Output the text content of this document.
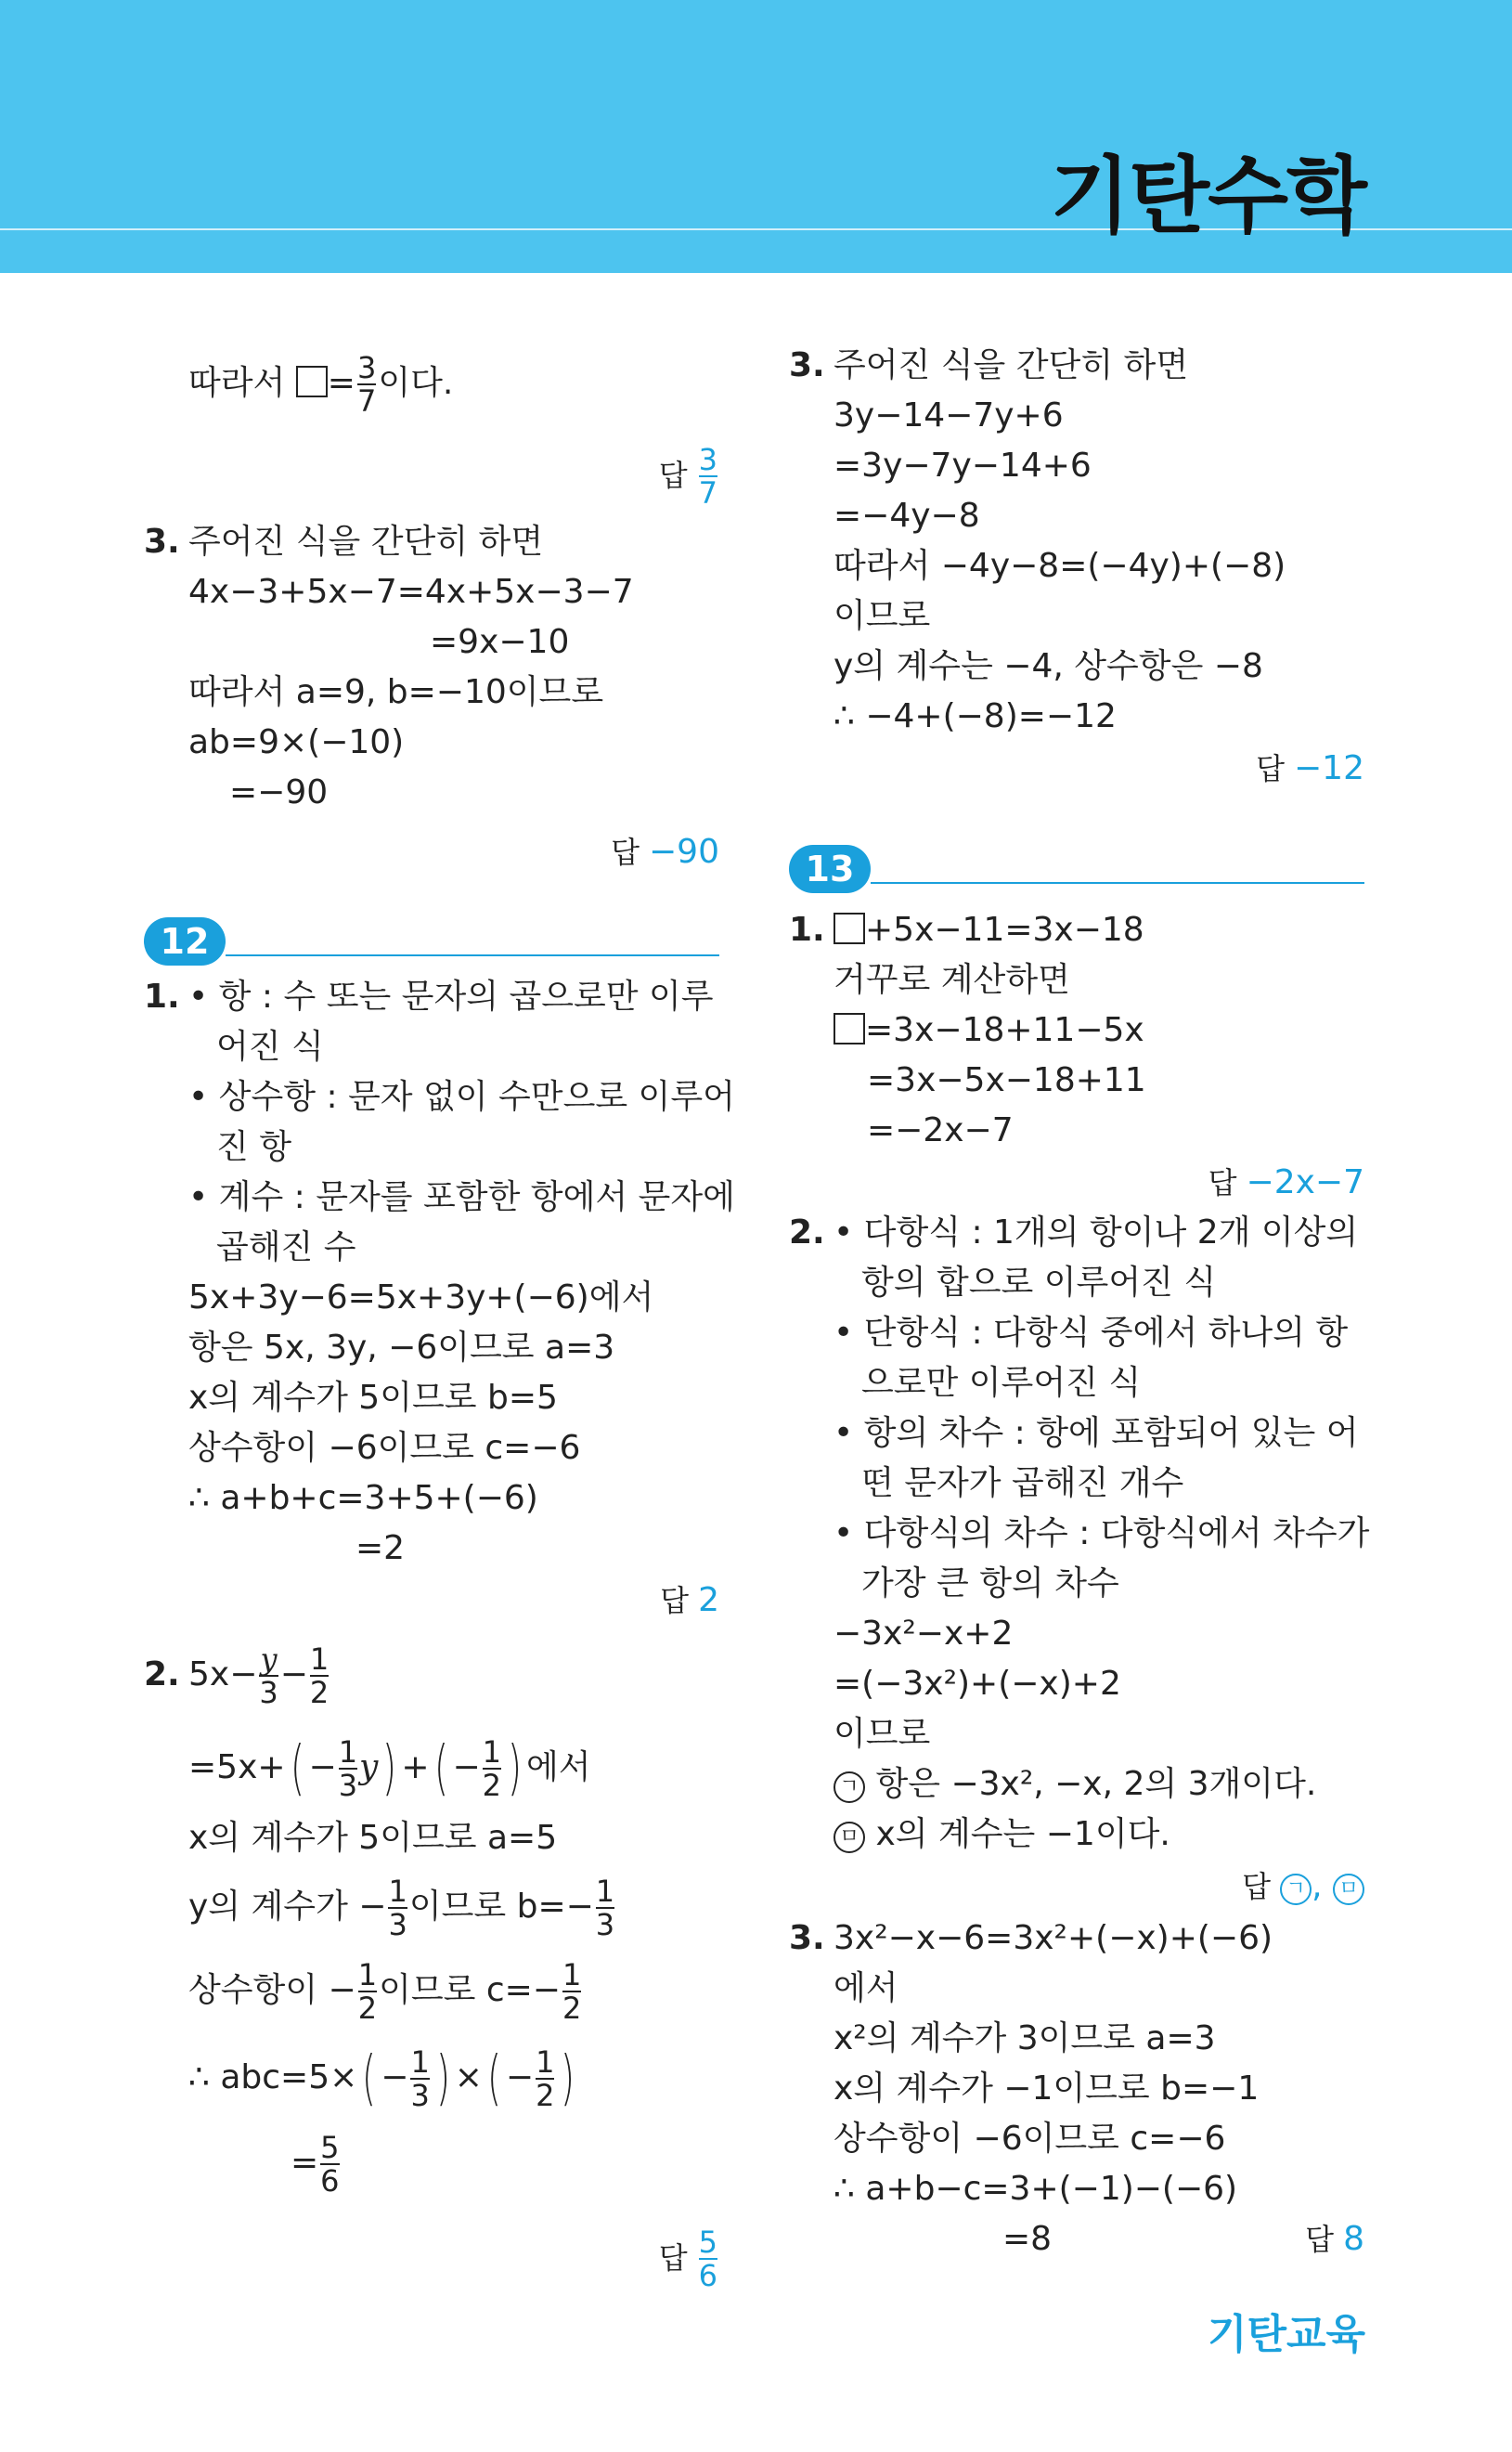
기탄수학
따라서 = $\frac{3}{7}$ 이다.
답 $\frac{3}{7}$
3. 주어진 식을 간단히 하면
4x−3+5x−7=4x+5x−3−7
=9x−10
따라서 a=9, b=−10이므로
ab=9×(−10)
=−90
답 −90
12
1. • 항 : 수 또는 문자의 곱으로만 이루
어진 식
• 상수항 : 문자 없이 수만으로 이루어
진 항
• 계수 : 문자를 포함한 항에서 문자에
곱해진 수
5x+3y−6=5x+3y+(−6)에서
항은 5x, 3y, −6이므로 a=3
x의 계수가 5이므로 b=5
상수항이 −6이므로 c=−6
∴ a+b+c=3+5+(−6)
=2
답 2
2. $5x- \frac{y}{3} - \frac{1}{2}$
$=5x+( - \frac{1}{3} y)$ +( − $\frac{1}{2}$ ) 에서
x의 계수가 5이므로 a=5
y의 계수가 − $\frac{1}{3}$ 이므로 $b=- \frac{1}{3}$
상수항이 − $\frac{1}{2}$ 이므로 $c=- \frac{1}{2}$
∴ $abc=5\times( - \frac{1}{3}$ ) ×( − $\frac{1}{2}$ )
= $\frac{5}{6}$
답 $\frac{5}{6}$
3. 주어진 식을 간단히 하면
3y−14−7y+6
=3y−7y−14+6
=−4y−8
따라서 −4y−8=(−4y)+(−8)
이므로
y의 계수는 −4, 상수항은 −8
∴ −4+(−8)=−12
답 −12
13
1.	+5x−11=3x−18
거꾸로 계산하면
=3x−18+11−5x
=3x−5x−18+11
=−2x−7
답 −2x−7
2. • 다항식 : 1개의 항이나 2개 이상의
항의 합으로 이루어진 식
• 단항식 : 다항식 중에서 하나의 항
으로만 이루어진 식
• 항의 차수 : 항에 포함되어 있는 어
떤 문자가 곱해진 개수
• 다항식의 차수 : 다항식에서 차수가
가장 큰 항의 차수
−3x²−x+2
=(−3x²)+(−x)+2
이므로
ㄱ 항은 −3x², −x, 2의 3개이다.
ㅁ x의 계수는 −1이다.
답 ㄱ , ㅁ
3. 3x²−x−6=3x²+(−x)+(−6)
에서
x²의 계수가 3이므로 a=3
x의 계수가 −1이므로 b=−1
상수항이 −6이므로 c=−6
∴ a+b−c=3+(−1)−(−6)
=8	답 8
기탄교육
